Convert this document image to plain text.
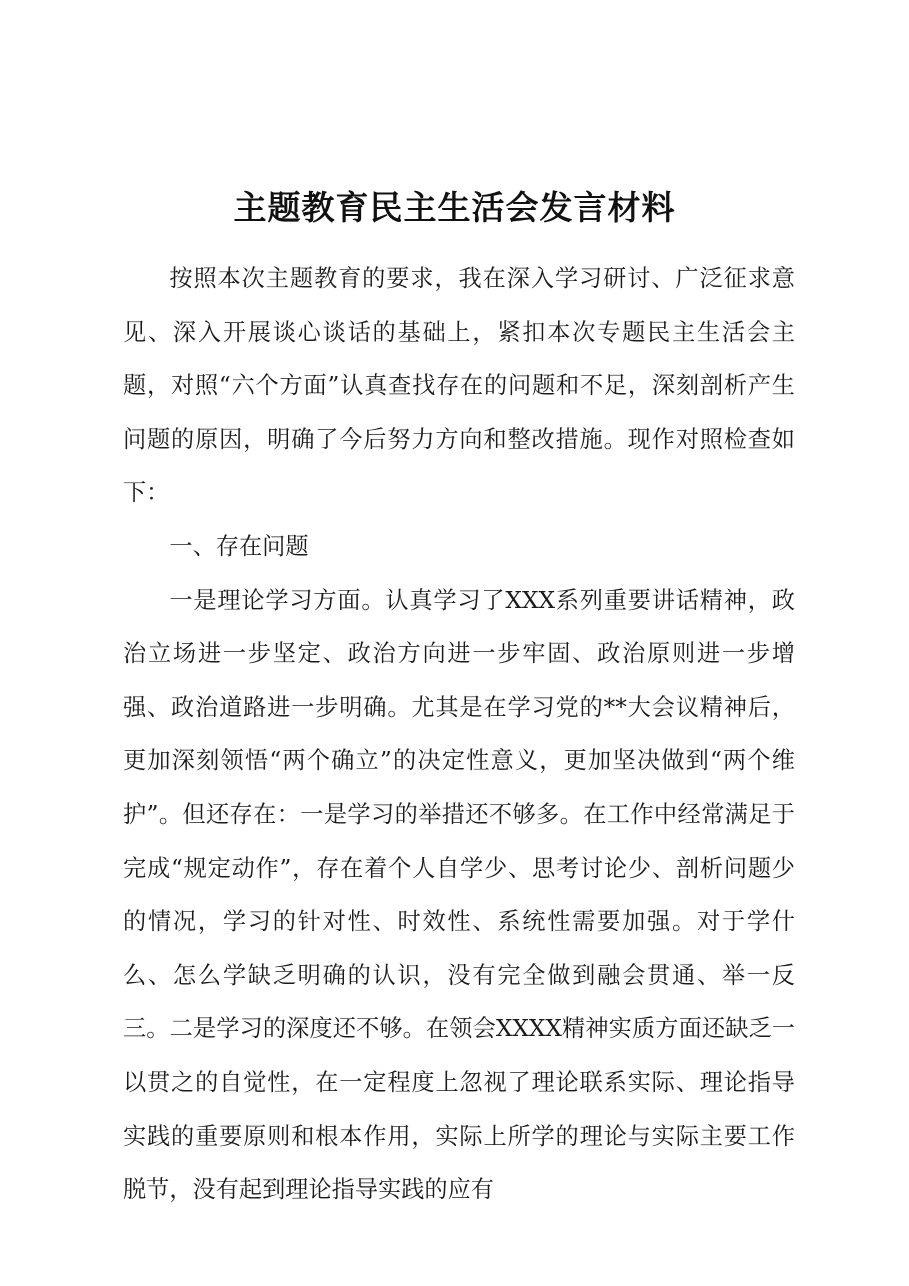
主题教育民主生活会发言材料

按照本次主题教育的要求，我在深入学习研讨、广泛征求意见、深入开展谈心谈话的基础上，紧扣本次专题民主生活会主题，对照“六个方面”认真查找存在的问题和不足，深刻剖析产生问题的原因，明确了今后努力方向和整改措施。现作对照检查如下：

一、存在问题

一是理论学习方面。认真学习了XXX系列重要讲话精神，政治立场进一步坚定、政治方向进一步牢固、政治原则进一步增强、政治道路进一步明确。尤其是在学习党的**大会议精神后，更加深刻领悟“两个确立”的决定性意义，更加坚决做到“两个维护”。但还存在：一是学习的举措还不够多。在工作中经常满足于完成“规定动作”，存在着个人自学少、思考讨论少、剖析问题少的情况，学习的针对性、时效性、系统性需要加强。对于学什么、怎么学缺乏明确的认识，没有完全做到融会贯通、举一反三。二是学习的深度还不够。在领会XXXX精神实质方面还缺乏一以贯之的自觉性，在一定程度上忽视了理论联系实际、理论指导实践的重要原则和根本作用，实际上所学的理论与实际主要工作脱节，没有起到理论指导实践的应有
